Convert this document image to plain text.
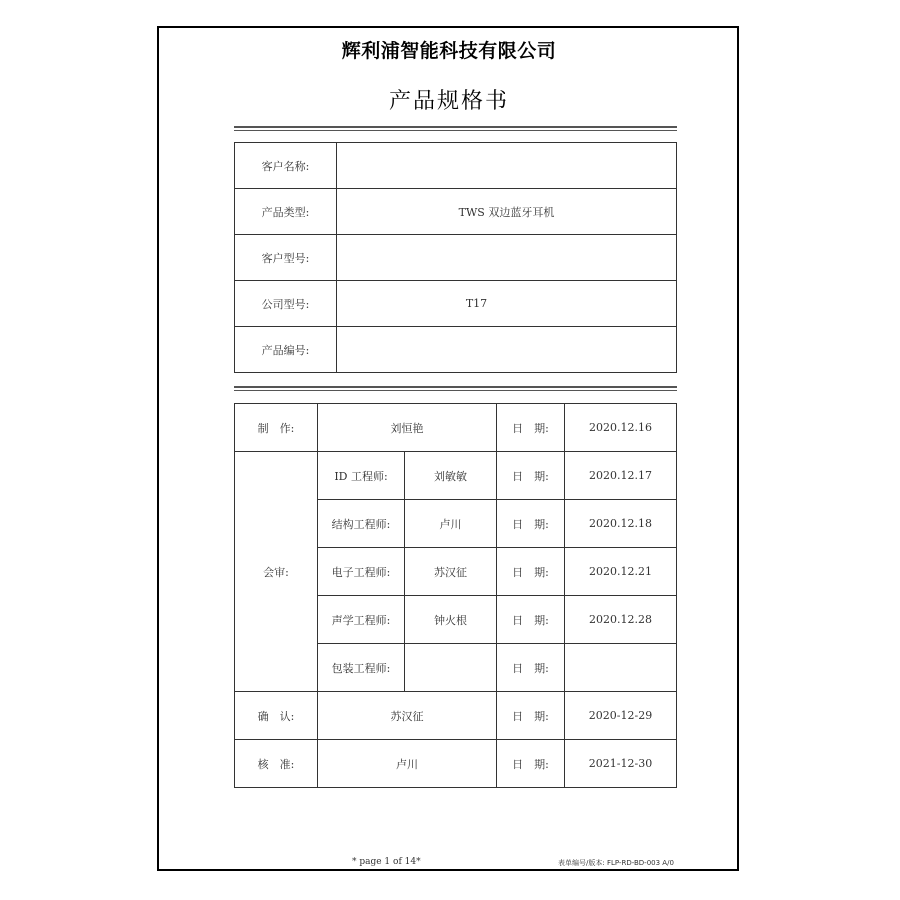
辉利浦智能科技有限公司
产品规格书
客户名称:	
产品类型:	TWS 双边蓝牙耳机
客户型号:	
公司型号:	T17
产品编号:	
制　作:	刘恒艳		日　期:	2020.12.16
会审:	ID 工程师:	刘敏敏	日　期:	2020.12.17
	结构工程师:	卢川	日　期:	2020.12.18
	电子工程师:	苏汉征	日　期:	2020.12.21
	声学工程师:	钟火根	日　期:	2020.12.28
	包装工程师:		日　期:	
确　认:	苏汉征		日　期:	2020-12-29
核　准:	卢川		日　期:	2021-12-30
* page 1 of 14*	表单编号/版本: FLP-RD-BD-003 A/0
